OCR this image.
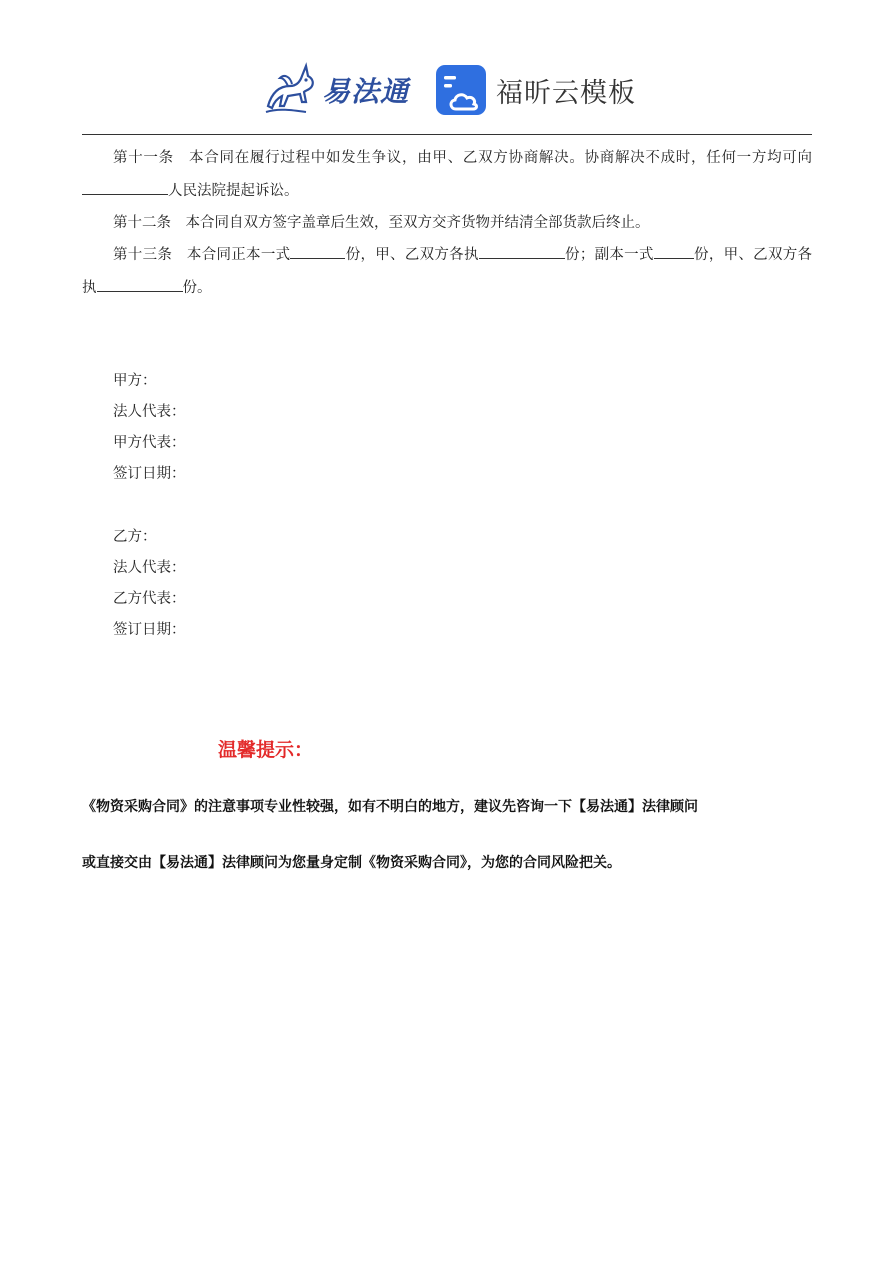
易法通	福昕云模板
第十一条　本合同在履行过程中如发生争议，由甲、乙双方协商解决。协商解决不成时，任何一方均可向人民法院提起诉讼。
第十二条　本合同自双方签字盖章后生效，至双方交齐货物并结清全部货款后终止。
第十三条　本合同正本一式	份，甲、乙双方各执	份；副本一式	份，甲、乙双方各执	份。
甲方：
法人代表：
甲方代表：
签订日期：
乙方：
法人代表：
乙方代表：
签订日期：
温馨提示：
《物资采购合同》的注意事项专业性较强，如有不明白的地方，建议先咨询一下【易法通】法律顾问
或直接交由【易法通】法律顾问为您量身定制《物资采购合同》，为您的合同风险把关。
